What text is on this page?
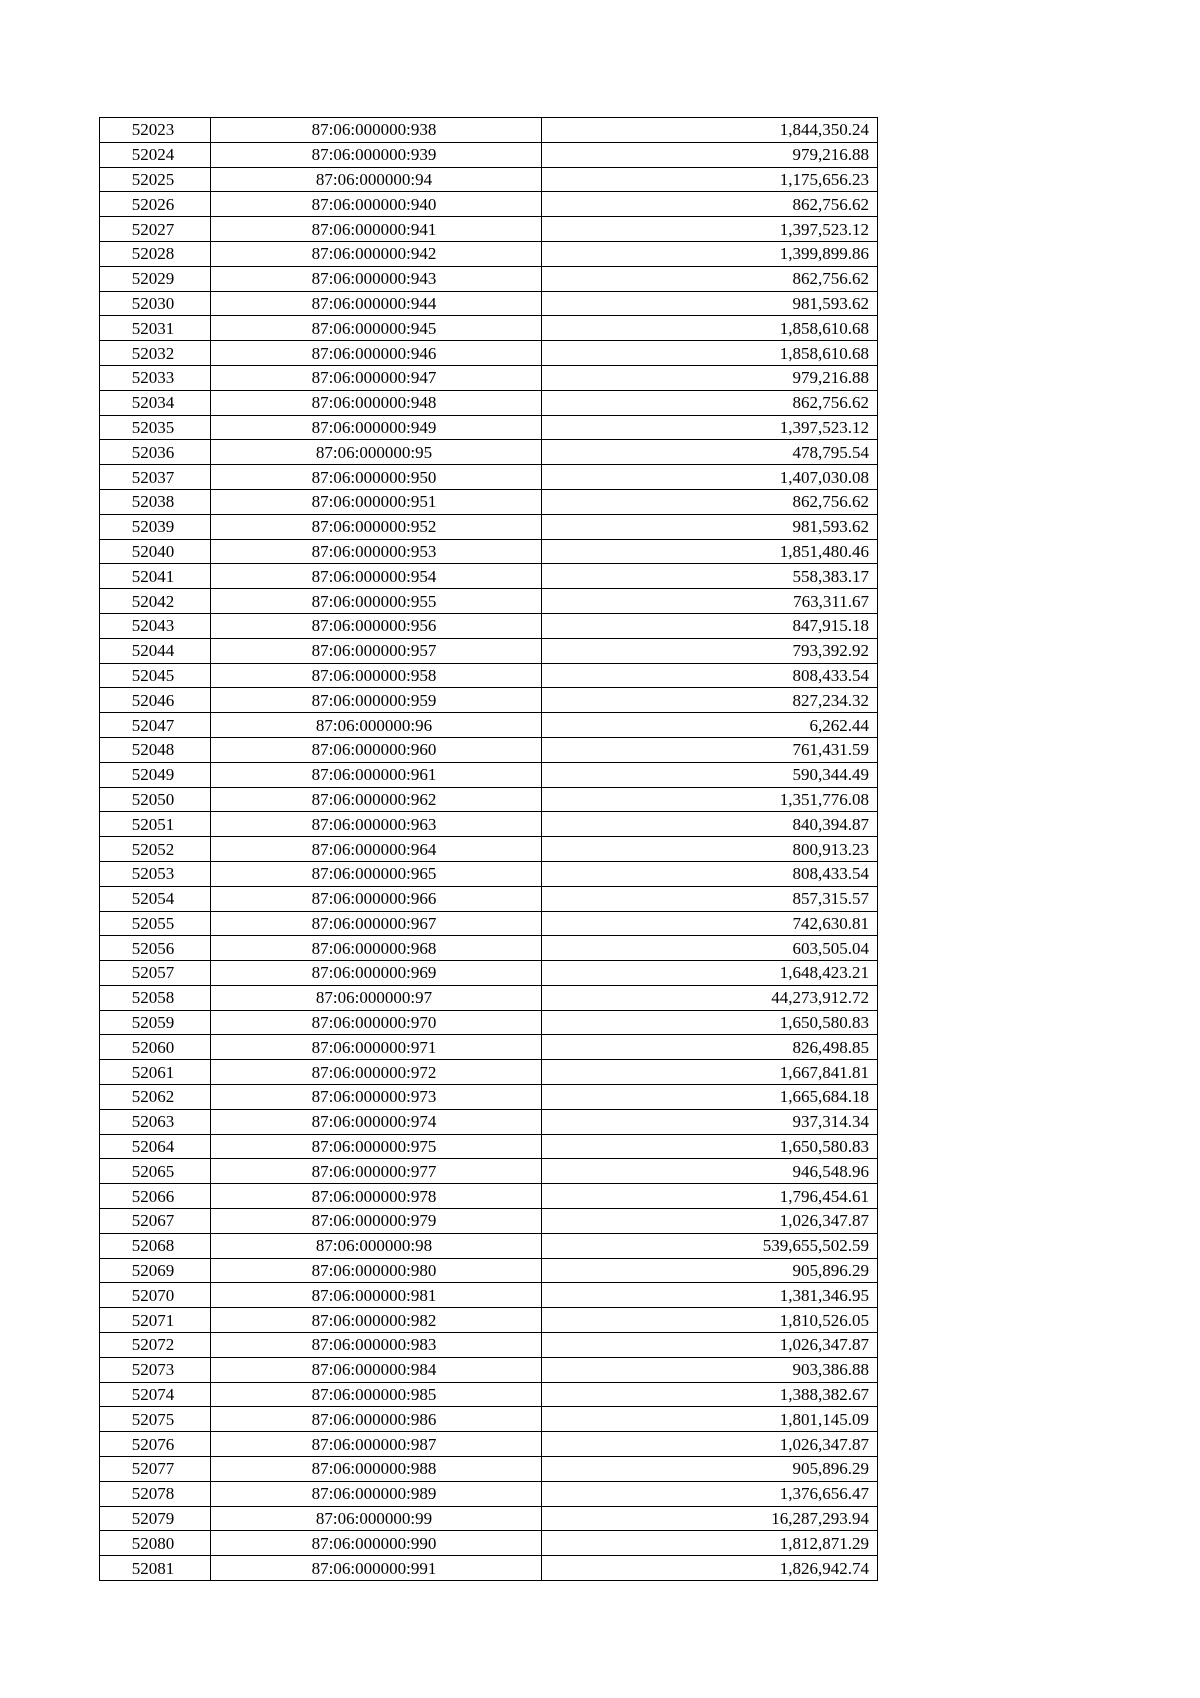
52023	87:06:000000:938	1,844,350.24
52024	87:06:000000:939	979,216.88
52025	87:06:000000:94	1,175,656.23
52026	87:06:000000:940	862,756.62
52027	87:06:000000:941	1,397,523.12
52028	87:06:000000:942	1,399,899.86
52029	87:06:000000:943	862,756.62
52030	87:06:000000:944	981,593.62
52031	87:06:000000:945	1,858,610.68
52032	87:06:000000:946	1,858,610.68
52033	87:06:000000:947	979,216.88
52034	87:06:000000:948	862,756.62
52035	87:06:000000:949	1,397,523.12
52036	87:06:000000:95	478,795.54
52037	87:06:000000:950	1,407,030.08
52038	87:06:000000:951	862,756.62
52039	87:06:000000:952	981,593.62
52040	87:06:000000:953	1,851,480.46
52041	87:06:000000:954	558,383.17
52042	87:06:000000:955	763,311.67
52043	87:06:000000:956	847,915.18
52044	87:06:000000:957	793,392.92
52045	87:06:000000:958	808,433.54
52046	87:06:000000:959	827,234.32
52047	87:06:000000:96	6,262.44
52048	87:06:000000:960	761,431.59
52049	87:06:000000:961	590,344.49
52050	87:06:000000:962	1,351,776.08
52051	87:06:000000:963	840,394.87
52052	87:06:000000:964	800,913.23
52053	87:06:000000:965	808,433.54
52054	87:06:000000:966	857,315.57
52055	87:06:000000:967	742,630.81
52056	87:06:000000:968	603,505.04
52057	87:06:000000:969	1,648,423.21
52058	87:06:000000:97	44,273,912.72
52059	87:06:000000:970	1,650,580.83
52060	87:06:000000:971	826,498.85
52061	87:06:000000:972	1,667,841.81
52062	87:06:000000:973	1,665,684.18
52063	87:06:000000:974	937,314.34
52064	87:06:000000:975	1,650,580.83
52065	87:06:000000:977	946,548.96
52066	87:06:000000:978	1,796,454.61
52067	87:06:000000:979	1,026,347.87
52068	87:06:000000:98	539,655,502.59
52069	87:06:000000:980	905,896.29
52070	87:06:000000:981	1,381,346.95
52071	87:06:000000:982	1,810,526.05
52072	87:06:000000:983	1,026,347.87
52073	87:06:000000:984	903,386.88
52074	87:06:000000:985	1,388,382.67
52075	87:06:000000:986	1,801,145.09
52076	87:06:000000:987	1,026,347.87
52077	87:06:000000:988	905,896.29
52078	87:06:000000:989	1,376,656.47
52079	87:06:000000:99	16,287,293.94
52080	87:06:000000:990	1,812,871.29
52081	87:06:000000:991	1,826,942.74
